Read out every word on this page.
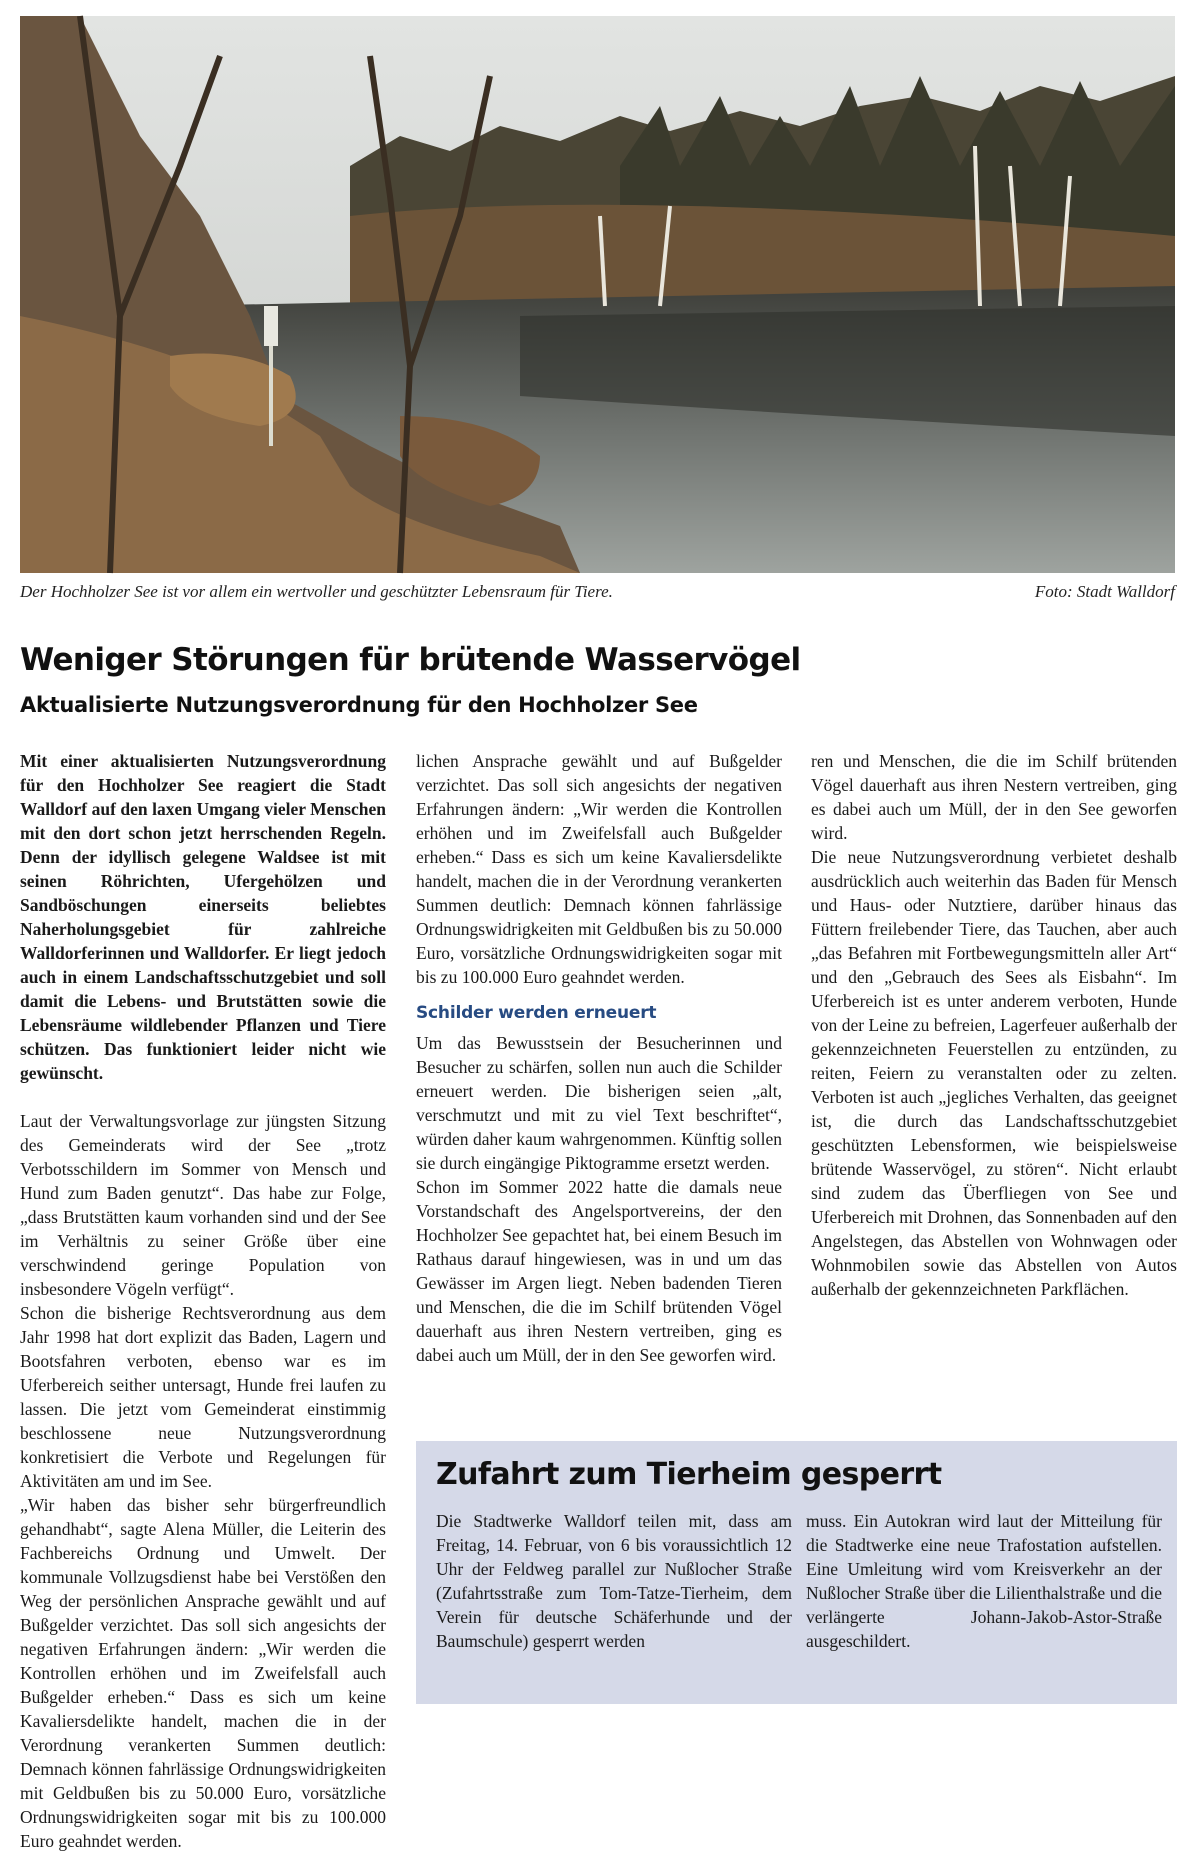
Der Hochholzer See ist vor allem ein wertvoller und geschützter Lebensraum für Tiere.	Foto: Stadt Walldorf
Weniger Störungen für brütende Wasservögel
Aktualisierte Nutzungsverordnung für den Hochholzer See

Mit einer aktualisierten Nutzungsverordnung für den Hochholzer See reagiert die Stadt Walldorf auf den laxen Umgang vieler Menschen mit den dort schon jetzt herrschenden Regeln. Denn der idyllisch gelegene Waldsee ist mit seinen Röhrichten, Ufergehölzen und Sandböschungen einerseits beliebtes Naherholungsgebiet für zahlreiche Walldorferinnen und Walldorfer. Er liegt jedoch auch in einem Landschaftsschutzgebiet und soll damit die Lebens- und Brutstätten sowie die Lebensräume wildlebender Pflanzen und Tiere schützen. Das funktioniert leider nicht wie gewünscht.

Laut der Verwaltungsvorlage zur jüngsten Sitzung des Gemeinderats wird der See „trotz Verbotsschildern im Sommer von Mensch und Hund zum Baden genutzt“. Das habe zur Folge, „dass Brutstätten kaum vorhanden sind und der See im Verhältnis zu seiner Größe über eine verschwindend geringe Population von insbesondere Vögeln verfügt“.

Schon die bisherige Rechtsverordnung aus dem Jahr 1998 hat dort explizit das Baden, Lagern und Bootsfahren verboten, ebenso war es im Uferbereich seither untersagt, Hunde frei laufen zu lassen. Die jetzt vom Gemeinderat einstimmig beschlossene neue Nutzungsverordnung konkretisiert die Verbote und Regelungen für Aktivitäten am und im See.

„Wir haben das bisher sehr bürgerfreundlich gehandhabt“, sagte Alena Müller, die Leiterin des Fachbereichs Ordnung und Umwelt. Der kommunale Vollzugsdienst habe bei Verstößen den Weg der persönlichen Ansprache gewählt und auf Bußgelder verzichtet. Das soll sich angesichts der negativen Erfahrungen ändern: „Wir werden die Kontrollen erhöhen und im Zweifelsfall auch Bußgelder erheben.“ Dass es sich um keine Kavaliersdelikte handelt, machen die in der Verordnung verankerten Summen deutlich: Demnach können fahrlässige Ordnungswidrigkeiten mit Geldbußen bis zu 50.000 Euro, vorsätzliche Ordnungswidrigkeiten sogar mit bis zu 100.000 Euro geahndet werden.

lichen Ansprache gewählt und auf Bußgelder verzichtet. Das soll sich angesichts der negativen Erfahrungen ändern: „Wir werden die Kontrollen erhöhen und im Zweifelsfall auch Bußgelder erheben.“ Dass es sich um keine Kavaliersdelikte handelt, machen die in der Verordnung verankerten Summen deutlich: Demnach können fahrlässige Ordnungswidrigkeiten mit Geldbußen bis zu 50.000 Euro, vorsätzliche Ordnungswidrigkeiten sogar mit bis zu 100.000 Euro geahndet werden.

Schilder werden erneuert

Um das Bewusstsein der Besucherinnen und Besucher zu schärfen, sollen nun auch die Schilder erneuert werden. Die bisherigen seien „alt, verschmutzt und mit zu viel Text beschriftet“, würden daher kaum wahrgenommen. Künftig sollen sie durch eingängige Piktogramme ersetzt werden.

Schon im Sommer 2022 hatte die damals neue Vorstandschaft des Angelsportvereins, der den Hochholzer See gepachtet hat, bei einem Besuch im Rathaus darauf hingewiesen, was in und um das Gewässer im Argen liegt. Neben badenden Tieren und Menschen, die die im Schilf brütenden Vögel dauerhaft aus ihren Nestern vertreiben, ging es dabei auch um Müll, der in den See geworfen wird.

ren und Menschen, die die im Schilf brütenden Vögel dauerhaft aus ihren Nestern vertreiben, ging es dabei auch um Müll, der in den See geworfen wird.

Die neue Nutzungsverordnung verbietet deshalb ausdrücklich auch weiterhin das Baden für Mensch und Haus- oder Nutztiere, darüber hinaus das Füttern freilebender Tiere, das Tauchen, aber auch „das Befahren mit Fortbewegungsmitteln aller Art“ und den „Gebrauch des Sees als Eisbahn“. Im Uferbereich ist es unter anderem verboten, Hunde von der Leine zu befreien, Lagerfeuer außerhalb der gekennzeichneten Feuerstellen zu entzünden, zu reiten, Feiern zu veranstalten oder zu zelten. Verboten ist auch „jegliches Verhalten, das geeignet ist, die durch das Landschaftsschutzgebiet geschützten Lebensformen, wie beispielsweise brütende Wasservögel, zu stören“. Nicht erlaubt sind zudem das Überfliegen von See und Uferbereich mit Drohnen, das Sonnenbaden auf den Angelstegen, das Abstellen von Wohnwagen oder Wohnmobilen sowie das Abstellen von Autos außerhalb der gekennzeichneten Parkflächen.

Zufahrt zum Tierheim gesperrt
Die Stadtwerke Walldorf teilen mit, dass am Freitag, 14. Februar, von 6 bis voraussichtlich 12 Uhr der Feldweg parallel zur Nußlocher Straße (Zufahrtsstraße zum Tom-Tatze-Tierheim, dem Verein für deutsche Schäferhunde und der Baumschule) gesperrt werden
muss. Ein Autokran wird laut der Mitteilung für die Stadtwerke eine neue Trafostation aufstellen. Eine Umleitung wird vom Kreisverkehr an der Nußlocher Straße über die Lilienthalstraße und die verlängerte Johann-Jakob-Astor-Straße ausgeschildert.
